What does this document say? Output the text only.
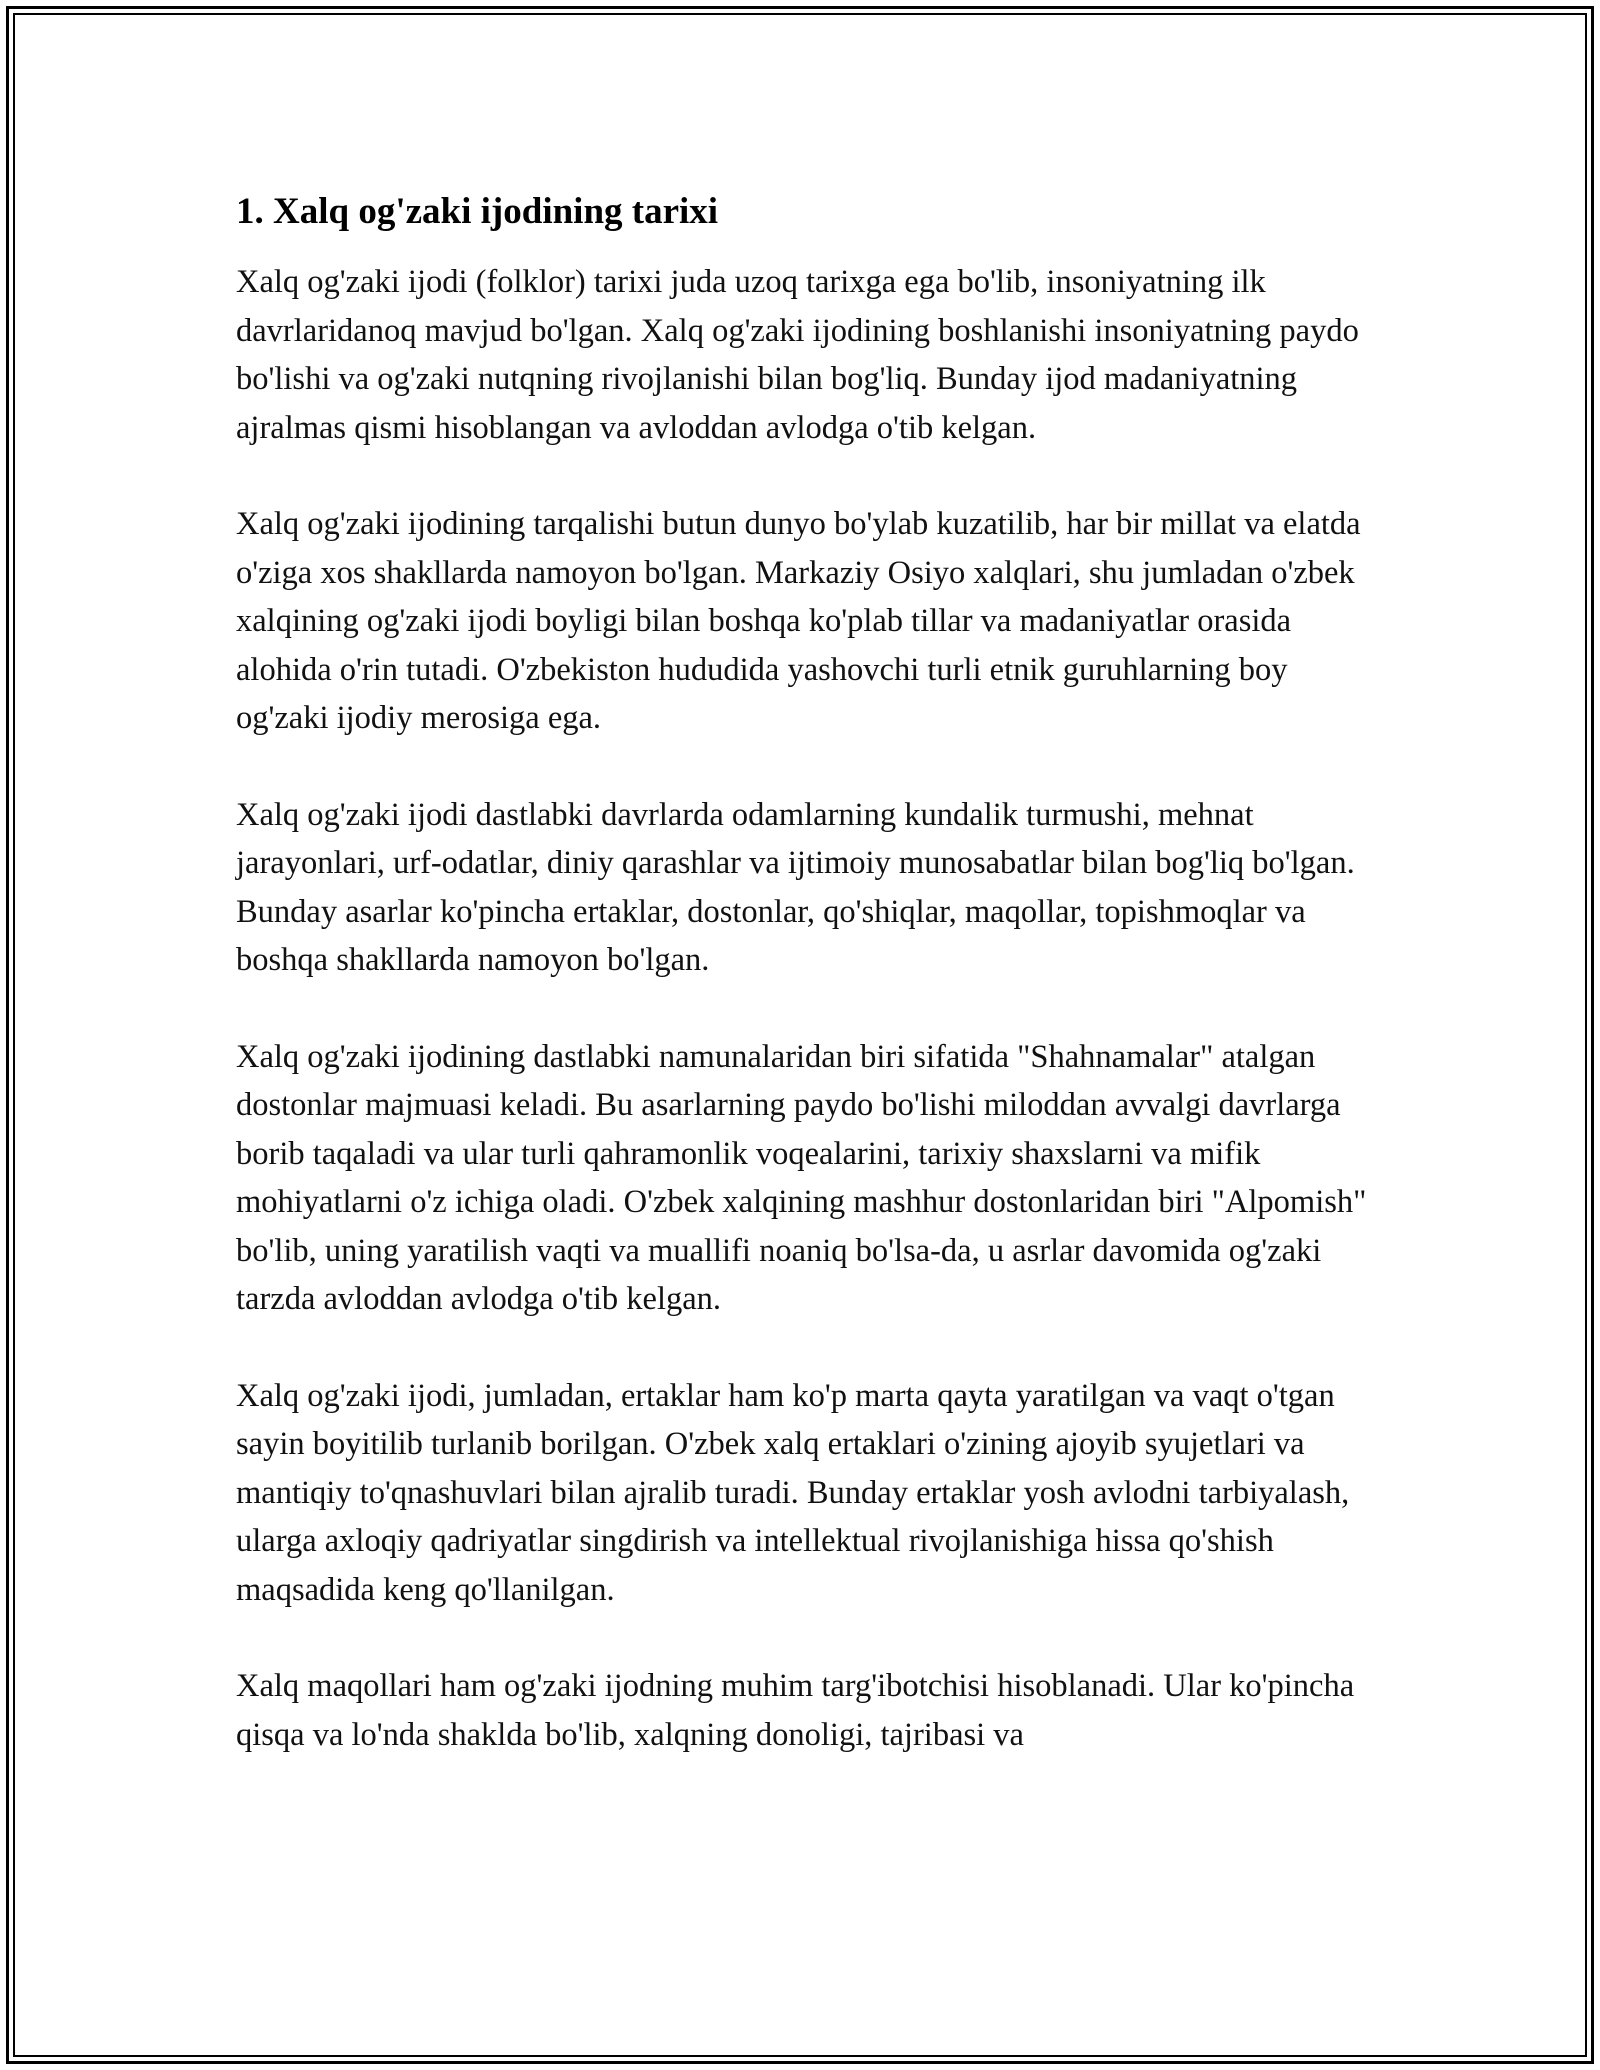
1. Xalq og'zaki ijodining tarixi

Xalq og'zaki ijodi (folklor) tarixi juda uzoq tarixga ega bo'lib, insoniyatning ilk davrlaridanoq mavjud bo'lgan. Xalq og'zaki ijodining boshlanishi insoniyatning paydo bo'lishi va og'zaki nutqning rivojlanishi bilan bog'liq. Bunday ijod madaniyatning ajralmas qismi hisoblangan va avloddan avlodga o'tib kelgan.

Xalq og'zaki ijodining tarqalishi butun dunyo bo'ylab kuzatilib, har bir millat va elatda o'ziga xos shakllarda namoyon bo'lgan. Markaziy Osiyo xalqlari, shu jumladan o'zbek xalqining og'zaki ijodi boyligi bilan boshqa ko'plab tillar va madaniyatlar orasida alohida o'rin tutadi. O'zbekiston hududida yashovchi turli etnik guruhlarning boy og'zaki ijodiy merosiga ega.

Xalq og'zaki ijodi dastlabki davrlarda odamlarning kundalik turmushi, mehnat jarayonlari, urf-odatlar, diniy qarashlar va ijtimoiy munosabatlar bilan bog'liq bo'lgan. Bunday asarlar ko'pincha ertaklar, dostonlar, qo'shiqlar, maqollar, topishmoqlar va boshqa shakllarda namoyon bo'lgan.

Xalq og'zaki ijodining dastlabki namunalaridan biri sifatida "Shahnamalar" atalgan dostonlar majmuasi keladi. Bu asarlarning paydo bo'lishi miloddan avvalgi davrlarga borib taqaladi va ular turli qahramonlik voqealarini, tarixiy shaxslarni va mifik mohiyatlarni o'z ichiga oladi. O'zbek xalqining mashhur dostonlaridan biri "Alpomish" bo'lib, uning yaratilish vaqti va muallifi noaniq bo'lsa-da, u asrlar davomida og'zaki tarzda avloddan avlodga o'tib kelgan.

Xalq og'zaki ijodi, jumladan, ertaklar ham ko'p marta qayta yaratilgan va vaqt o'tgan sayin boyitilib turlanib borilgan. O'zbek xalq ertaklari o'zining ajoyib syujetlari va mantiqiy to'qnashuvlari bilan ajralib turadi. Bunday ertaklar yosh avlodni tarbiyalash, ularga axloqiy qadriyatlar singdirish va intellektual rivojlanishiga hissa qo'shish maqsadida keng qo'llanilgan.

Xalq maqollari ham og'zaki ijodning muhim targ'ibotchisi hisoblanadi. Ular ko'pincha qisqa va lo'nda shaklda bo'lib, xalqning donoligi, tajribasi va
